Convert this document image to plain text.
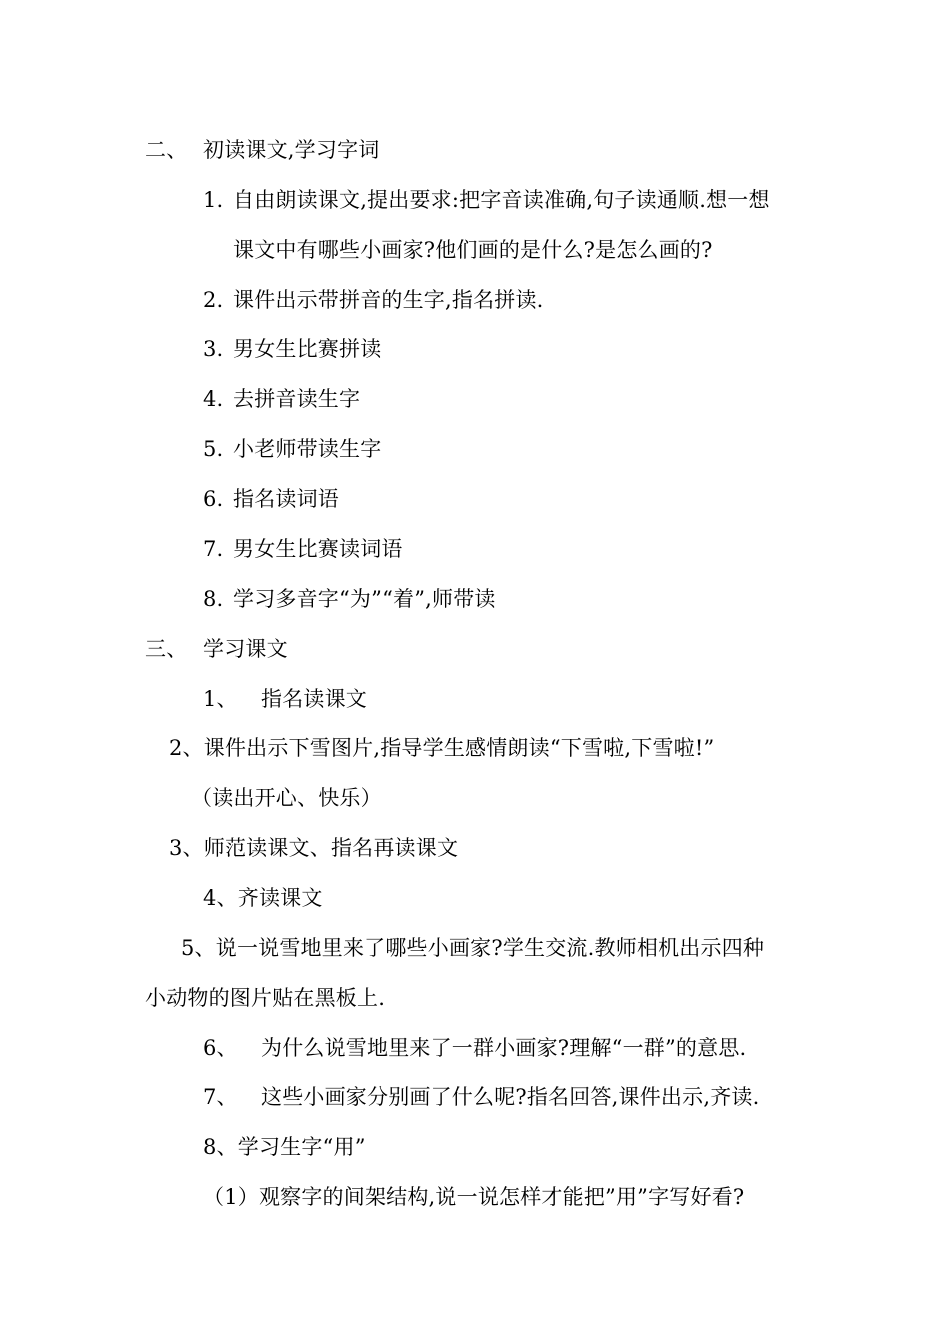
二、 初读课文,学习字词
1. 自由朗读课文,提出要求:把字音读准确,句子读通顺.想一想
课文中有哪些小画家?他们画的是什么?是怎么画的?
2. 课件出示带拼音的生字,指名拼读.
3. 男女生比赛拼读
4. 去拼音读生字
5. 小老师带读生字
6. 指名读词语
7. 男女生比赛读词语
8. 学习多音字“为”“着”,师带读
三、 学习课文
1、 指名读课文
2、课件出示下雪图片,指导学生感情朗读“下雪啦,下雪啦!”
（读出开心、快乐）
3、师范读课文、指名再读课文
4、齐读课文
5、说一说雪地里来了哪些小画家?学生交流.教师相机出示四种
小动物的图片贴在黑板上.
6、 为什么说雪地里来了一群小画家?理解“一群”的意思.
7、 这些小画家分别画了什么呢?指名回答,课件出示,齐读.
8、学习生字“用”
（1）观察字的间架结构,说一说怎样才能把”用”字写好看?
